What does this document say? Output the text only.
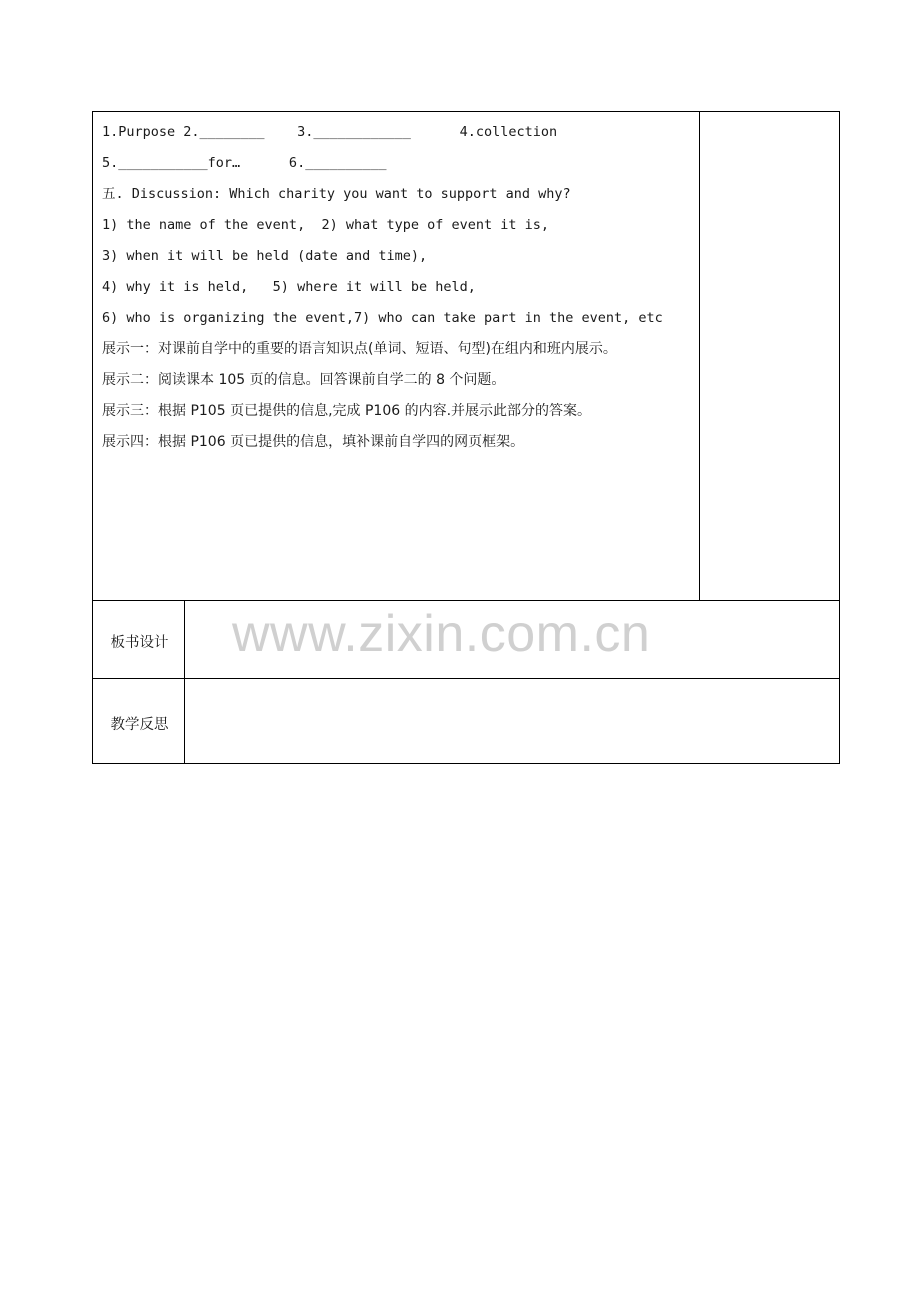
1.Purpose 2.________    3.____________      4.collection
5.___________for…      6.__________
五. Discussion: Which charity you want to support and why?
1) the name of the event,  2) what type of event it is,
3) when it will be held (date and time),
4) why it is held,   5) where it will be held,
6) who is organizing the event,7) who can take part in the event, etc
展示一：对课前自学中的重要的语言知识点(单词、短语、句型)在组内和班内展示。
展示二：阅读课本 105 页的信息。回答课前自学二的 8 个问题。
展示三：根据 P105 页已提供的信息,完成 P106 的内容.并展示此部分的答案。
展示四：根据 P106 页已提供的信息，填补课前自学四的网页框架。
板书设计
教学反思
www.zixin.com.cn
